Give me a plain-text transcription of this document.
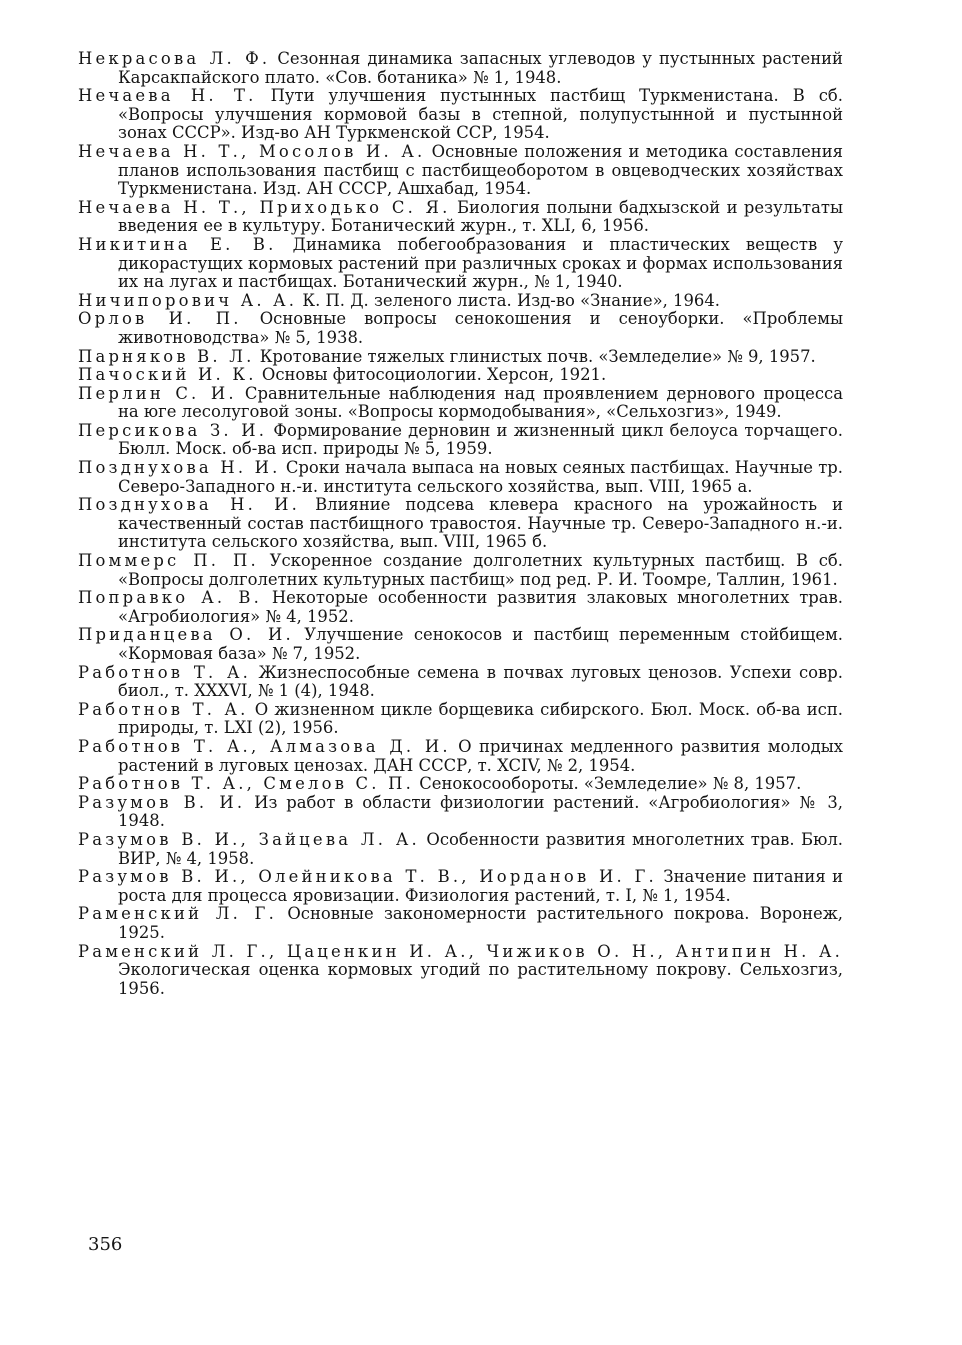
Некрасова Л. Ф. Сезонная динамика запасных углеводов у пустынных растений Карсакпайского плато. «Сов. ботаника» № 1, 1948.

Нечаева Н. Т. Пути улучшения пустынных пастбищ Туркменистана. В сб. «Вопросы улучшения кормовой базы в степной, полупустынной и пустынной зонах СССР». Изд-во АН Туркменской ССР, 1954.

Нечаева Н. Т., Мосолов И. А. Основные положения и методика составления планов использования пастбищ с пастбищеоборотом в овцеводческих хозяйствах Туркменистана. Изд. АН СССР, Ашхабад, 1954.

Нечаева Н. Т., Приходько С. Я. Биология полыни бадхызской и результаты введения ее в культуру. Ботанический журн., т. XLI, 6, 1956.

Никитина Е. В. Динамика побегообразования и пластических веществ у дикорастущих кормовых растений при различных сроках и формах использования их на лугах и пастбищах. Ботанический журн., № 1, 1940.

Ничипорович А. А. К. П. Д. зеленого листа. Изд-во «Знание», 1964.

Орлов И. П. Основные вопросы сенокошения и сеноуборки. «Проблемы животноводства» № 5, 1938.

Парняков В. Л. Кротование тяжелых глинистых почв. «Земледелие» № 9, 1957.

Пачоский И. К. Основы фитосоциологии. Херсон, 1921.

Перлин С. И. Сравнительные наблюдения над проявлением дернового процесса на юге лесолуговой зоны. «Вопросы кормодобывания», «Сельхозгиз», 1949.

Персикова З. И. Формирование дерновин и жизненный цикл белоуса торчащего. Бюлл. Моск. об-ва исп. природы № 5, 1959.

Позднухова Н. И. Сроки начала выпаса на новых сеяных пастбищах. Научные тр. Северо-Западного н.-и. института сельского хозяйства, вып. VIII, 1965 а.

Позднухова Н. И. Влияние подсева клевера красного на урожайность и качественный состав пастбищного травостоя. Научные тр. Северо-Западного н.-и. института сельского хозяйства, вып. VIII, 1965 б.

Поммерс П. П. Ускоренное создание долголетних культурных пастбищ. В сб. «Вопросы долголетних культурных пастбищ» под ред. Р. И. Тоомре, Таллин, 1961.

Поправко А. В. Некоторые особенности развития злаковых многолетних трав. «Агробиология» № 4, 1952.

Приданцева О. И. Улучшение сенокосов и пастбищ переменным стойбищем. «Кормовая база» № 7, 1952.

Работнов Т. А. Жизнеспособные семена в почвах луговых ценозов. Успехи совр. биол., т. XXXVI, № 1 (4), 1948.

Работнов Т. А. О жизненном цикле борщевика сибирского. Бюл. Моск. об-ва исп. природы, т. LXI (2), 1956.

Работнов Т. А., Алмазова Д. И. О причинах медленного развития молодых растений в луговых ценозах. ДАН СССР, т. XCIV, № 2, 1954.

Работнов Т. А., Смелов С. П. Сенокосообороты. «Земледелие» № 8, 1957.

Разумов В. И. Из работ в области физиологии растений. «Агробиология» № 3, 1948.

Разумов В. И., Зайцева Л. А. Особенности развития многолетних трав. Бюл. ВИР, № 4, 1958.

Разумов В. И., Олейникова Т. В., Иорданов И. Г. Значение питания и роста для процесса яровизации. Физиология растений, т. I, № 1, 1954.

Раменский Л. Г. Основные закономерности растительного покрова. Воронеж, 1925.

Раменский Л. Г., Цаценкин И. А., Чижиков О. Н., Антипин Н. А. Экологическая оценка кормовых угодий по растительному покрову. Сельхозгиз, 1956.

356
